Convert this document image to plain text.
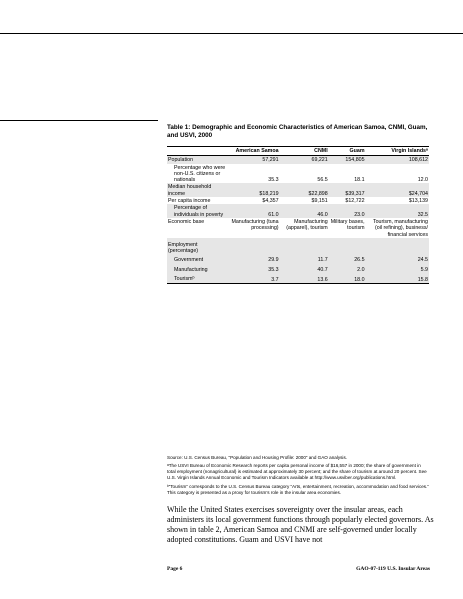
Table 1: Demographic and Economic Characteristics of American Samoa, CNMI, Guam, and USVI, 2000
	American Samoa	CNMI	Guam	Virgin Islandsᵃ
Population	57,291	69,221	154,805	108,612
Percentage who were non-U.S. citizens or nationals	35.3	56.5	18.1	12.0
Median household income	$18,219	$22,898	$39,317	$24,704
Per capita income	$4,357	$9,151	$12,722	$13,139
Percentage of individuals in poverty	61.0	46.0	23.0	32.5
Economic base	Manufacturing (tuna processing)	Manufacturing (apparel), tourism	Military bases, tourism	Tourism, manufacturing (oil refining), business/ financial services
Employment (percentage)				
Government	29.9	11.7	26.5	24.5
Manufacturing	35.3	40.7	2.0	5.9
Tourismᵇ	3.7	13.6	18.0	15.8
Source: U.S. Census Bureau, “Population and Housing Profile: 2000” and GAO analysis.
ᵃThe USVI Bureau of Economic Research reports per capita personal income of $16,557 in 2000; the share of government in total employment (nonagricultural) is estimated at approximately 30 percent; and the share of tourism at around 20 percent. See U.S. Virgin Islands Annual Economic and Tourism Indicators available at http://www.usviber.org/publications.html.
ᵇ“Tourism” corresponds to the U.S. Census Bureau category “Arts, entertainment, recreation, accommodation and food services.” This category is presented as a proxy for tourism’s role in the insular area economies.
While the United States exercises sovereignty over the insular areas, each administers its local government functions through popularly elected governors. As shown in table 2, American Samoa and CNMI are self-governed under locally adopted constitutions. Guam and USVI have not
Page 6	GAO-07-119 U.S. Insular Areas
